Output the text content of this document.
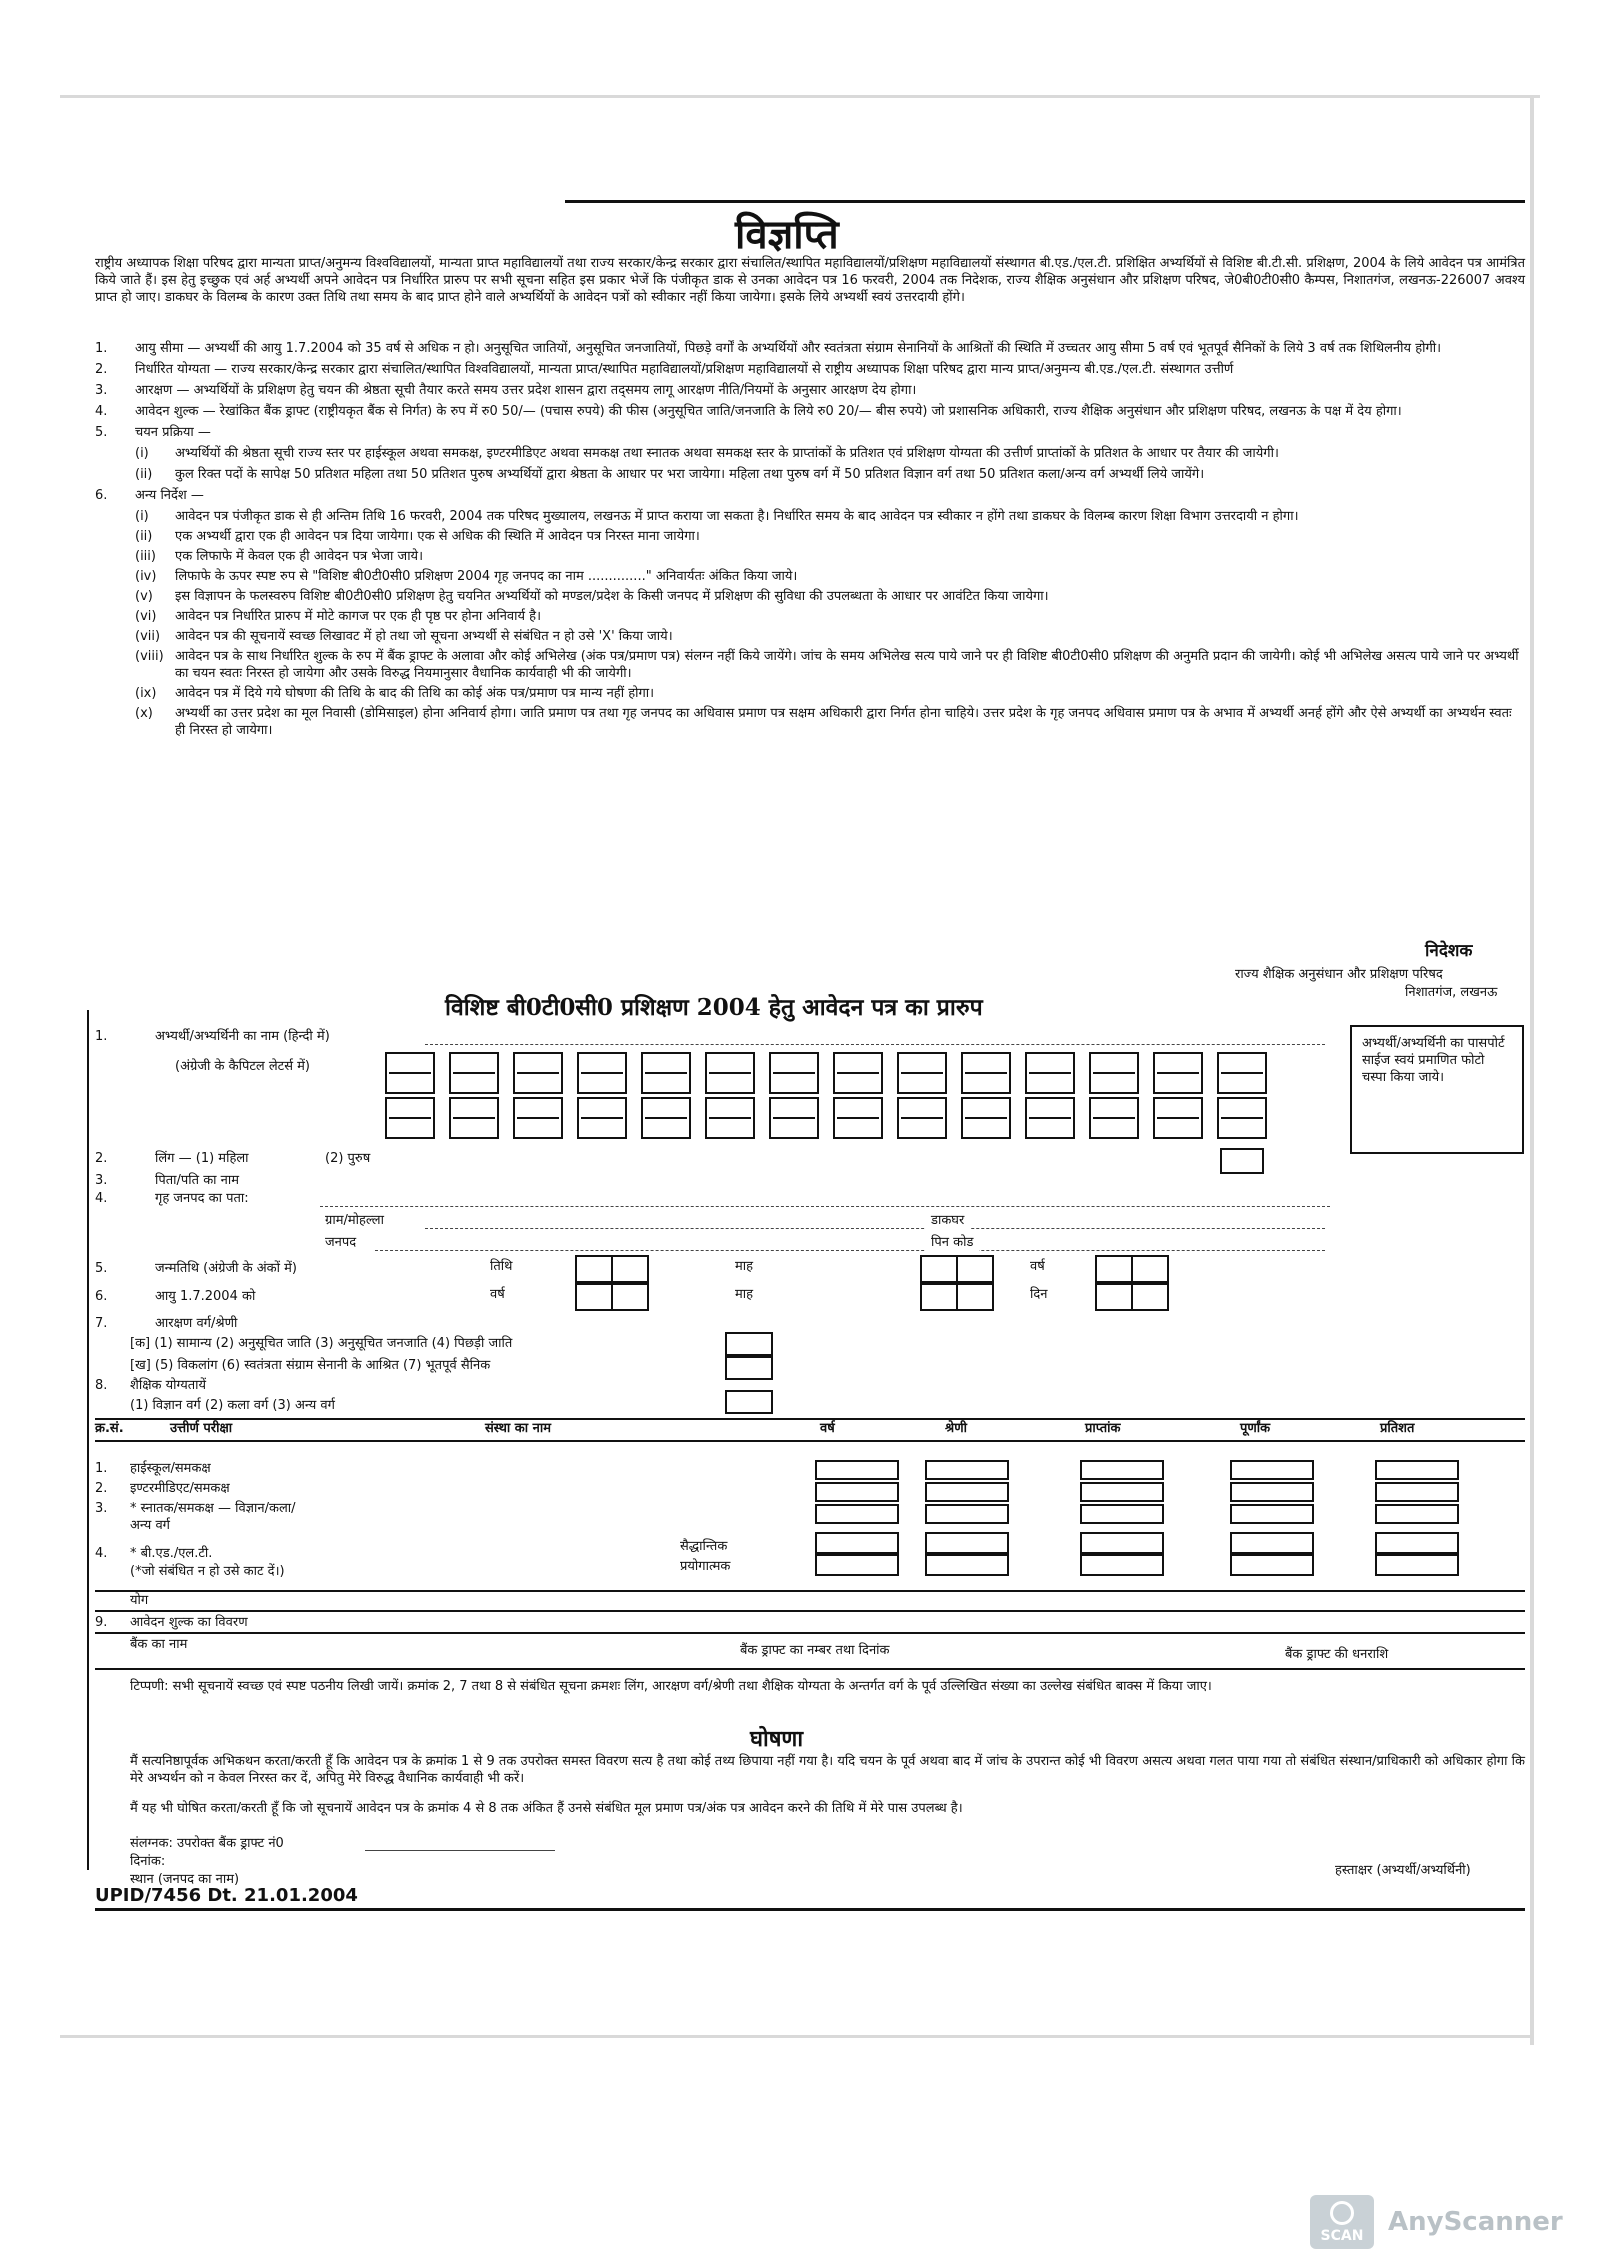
विज्ञप्ति
राष्ट्रीय अध्यापक शिक्षा परिषद द्वारा मान्यता प्राप्त/अनुमन्य विश्वविद्यालयों, मान्यता प्राप्त महाविद्यालयों तथा राज्य सरकार/केन्द्र सरकार द्वारा संचालित/स्थापित महाविद्यालयों/प्रशिक्षण महाविद्यालयों संस्थागत बी.एड./एल.टी. प्रशिक्षित अभ्यर्थियों से विशिष्ट बी.टी.सी. प्रशिक्षण, 2004 के लिये आवेदन पत्र आमंत्रित किये जाते हैं। इस हेतु इच्छुक एवं अर्ह अभ्यर्थी अपने आवेदन पत्र निर्धारित प्रारुप पर सभी सूचना सहित इस प्रकार भेजें कि पंजीकृत डाक से उनका आवेदन पत्र 16 फरवरी, 2004 तक निदेशक, राज्य शैक्षिक अनुसंधान और प्रशिक्षण परिषद, जे0बी0टी0सी0 कैम्पस, निशातगंज, लखनऊ-226007 अवश्य प्राप्त हो जाए। डाकघर के विलम्ब के कारण उक्त तिथि तथा समय के बाद प्राप्त होने वाले अभ्यर्थियों के आवेदन पत्रों को स्वीकार नहीं किया जायेगा। इसके लिये अभ्यर्थी स्वयं उत्तरदायी होंगे।
1.	आयु सीमा — अभ्यर्थी की आयु 1.7.2004 को 35 वर्ष से अधिक न हो। अनुसूचित जातियों, अनुसूचित जनजातियों, पिछड़े वर्गों के अभ्यर्थियों और स्वतंत्रता संग्राम सेनानियों के आश्रितों की स्थिति में उच्चतर आयु सीमा 5 वर्ष एवं भूतपूर्व सैनिकों के लिये 3 वर्ष तक शिथिलनीय होगी।
2.	निर्धारित योग्यता — राज्य सरकार/केन्द्र सरकार द्वारा संचालित/स्थापित विश्वविद्यालयों, मान्यता प्राप्त/स्थापित महाविद्यालयों/प्रशिक्षण महाविद्यालयों से राष्ट्रीय अध्यापक शिक्षा परिषद द्वारा मान्य प्राप्त/अनुमन्य बी.एड./एल.टी. संस्थागत उत्तीर्ण
3.	आरक्षण — अभ्यर्थियों के प्रशिक्षण हेतु चयन की श्रेष्ठता सूची तैयार करते समय उत्तर प्रदेश शासन द्वारा तद्‌समय लागू आरक्षण नीति/नियमों के अनुसार आरक्षण देय होगा।
4.	आवेदन शुल्क — रेखांकित बैंक ड्राफ्ट (राष्ट्रीयकृत बैंक से निर्गत) के रुप में रु0 50/— (पचास रुपये) की फीस (अनुसूचित जाति/जनजाति के लिये रु0 20/— बीस रुपये) जो प्रशासनिक अधिकारी, राज्य शैक्षिक अनुसंधान और प्रशिक्षण परिषद, लखनऊ के पक्ष में देय होगा।
5.	चयन प्रक्रिया —
(i)	अभ्यर्थियों की श्रेष्ठता सूची राज्य स्तर पर हाईस्कूल अथवा समकक्ष, इण्टरमीडिएट अथवा समकक्ष तथा स्नातक अथवा समकक्ष स्तर के प्राप्तांकों के प्रतिशत एवं प्रशिक्षण योग्यता की उत्तीर्ण प्राप्तांकों के प्रतिशत के आधार पर तैयार की जायेगी।
(ii)	कुल रिक्त पदों के सापेक्ष 50 प्रतिशत महिला तथा 50 प्रतिशत पुरुष अभ्यर्थियों द्वारा श्रेष्ठता के आधार पर भरा जायेगा। महिला तथा पुरुष वर्ग में 50 प्रतिशत विज्ञान वर्ग तथा 50 प्रतिशत कला/अन्य वर्ग अभ्यर्थी लिये जायेंगे।
6.	अन्य निर्देश —
(i)	आवेदन पत्र पंजीकृत डाक से ही अन्तिम तिथि 16 फरवरी, 2004 तक परिषद मुख्यालय, लखनऊ में प्राप्त कराया जा सकता है। निर्धारित समय के बाद आवेदन पत्र स्वीकार न होंगे तथा डाकघर के विलम्ब कारण शिक्षा विभाग उत्तरदायी न होगा।
(ii)	एक अभ्यर्थी द्वारा एक ही आवेदन पत्र दिया जायेगा। एक से अधिक की स्थिति में आवेदन पत्र निरस्त माना जायेगा।
(iii)	एक लिफाफे में केवल एक ही आवेदन पत्र भेजा जाये।
(iv)	लिफाफे के ऊपर स्पष्ट रुप से "विशिष्ट बी0टी0सी0 प्रशिक्षण 2004 गृह जनपद का नाम .............." अनिवार्यतः अंकित किया जाये।
(v)	इस विज्ञापन के फलस्वरुप विशिष्ट बी0टी0सी0 प्रशिक्षण हेतु चयनित अभ्यर्थियों को मण्डल/प्रदेश के किसी जनपद में प्रशिक्षण की सुविधा की उपलब्धता के आधार पर आवंटित किया जायेगा।
(vi)	आवेदन पत्र निर्धारित प्रारुप में मोटे कागज पर एक ही पृष्ठ पर होना अनिवार्य है।
(vii)	आवेदन पत्र की सूचनायें स्वच्छ लिखावट में हो तथा जो सूचना अभ्यर्थी से संबंधित न हो उसे 'X' किया जाये।
(viii) आवेदन पत्र के साथ निर्धारित शुल्क के रुप में बैंक ड्राफ्ट के अलावा और कोई अभिलेख (अंक पत्र/प्रमाण पत्र) संलग्न नहीं किये जायेंगे। जांच के समय अभिलेख सत्य पाये जाने पर ही विशिष्ट बी0टी0सी0 प्रशिक्षण की अनुमति प्रदान की जायेगी। कोई भी अभिलेख असत्य पाये जाने पर अभ्यर्थी का चयन स्वतः निरस्त हो जायेगा और उसके विरुद्ध नियमानुसार वैधानिक कार्यवाही भी की जायेगी।
(ix)	आवेदन पत्र में दिये गये घोषणा की तिथि के बाद की तिथि का कोई अंक पत्र/प्रमाण पत्र मान्य नहीं होगा।
(x)	अभ्यर्थी का उत्तर प्रदेश का मूल निवासी (डोमिसाइल) होना अनिवार्य होगा। जाति प्रमाण पत्र तथा गृह जनपद का अधिवास प्रमाण पत्र सक्षम अधिकारी द्वारा निर्गत होना चाहिये। उत्तर प्रदेश के गृह जनपद अधिवास प्रमाण पत्र के अभाव में अभ्यर्थी अनर्ह होंगे और ऐसे अभ्यर्थी का अभ्यर्थन स्वतः ही निरस्त हो जायेगा।
निदेशक
राज्य शैक्षिक अनुसंधान और प्रशिक्षण परिषद
निशातगंज, लखनऊ
विशिष्ट बी0टी0सी0 प्रशिक्षण 2004 हेतु आवेदन पत्र का प्रारुप
अभ्यर्थी/अभ्यर्थिनी का पासपोर्ट साईज स्वयं प्रमाणित फोटो चस्पा किया जाये।
1.	अभ्यर्थी/अभ्यर्थिनी का नाम (हिन्दी में)
(अंग्रेजी के कैपिटल लेटर्स में)
2.	लिंग — (1) महिला	(2) पुरुष
3.	पिता/पति का नाम
4.	गृह जनपद का पता:
ग्राम/मोहल्ला	डाकघर
जनपद	पिन कोड
5.	जन्मतिथि (अंग्रेजी के अंकों में)	तिथि	माह	वर्ष
6.	आयु 1.7.2004 को	वर्ष	माह	दिन
7.	आरक्षण वर्ग/श्रेणी
[क] (1) सामान्य (2) अनुसूचित जाति (3) अनुसूचित जनजाति (4) पिछड़ी जाति
[ख] (5) विकलांग (6) स्वतंत्रता संग्राम सेनानी के आश्रित (7) भूतपूर्व सैनिक
8. शैक्षिक योग्यतायें
(1) विज्ञान वर्ग (2) कला वर्ग (3) अन्य वर्ग
क्र.सं.	उत्तीर्ण परीक्षा	संस्था का नाम	वर्ष	श्रेणी	प्राप्तांक	पूर्णांक	प्रतिशत
1. हाईस्कूल/समकक्ष
2. इण्टरमीडिएट/समकक्ष
3. * स्नातक/समकक्ष — विज्ञान/कला/अन्य वर्ग
4. * बी.एड./एल.टी.
(*जो संबंधित न हो उसे काट दें।)
सैद्धान्तिक
प्रयोगात्मक
योग
9. आवेदन शुल्क का विवरण
बैंक का नाम	बैंक ड्राफ्ट का नम्बर तथा दिनांक	बैंक ड्राफ्ट की धनराशि
टिप्पणी: सभी सूचनायें स्वच्छ एवं स्पष्ट पठनीय लिखी जायें। क्रमांक 2, 7 तथा 8 से संबंधित सूचना क्रमशः लिंग, आरक्षण वर्ग/श्रेणी तथा शैक्षिक योग्यता के अन्तर्गत वर्ग के पूर्व उल्लिखित संख्या का उल्लेख संबंधित बाक्स में किया जाए।
घोषणा
मैं सत्यनिष्ठापूर्वक अभिकथन करता/करती हूँ कि आवेदन पत्र के क्रमांक 1 से 9 तक उपरोक्त समस्त विवरण सत्य है तथा कोई तथ्य छिपाया नहीं गया है। यदि चयन के पूर्व अथवा बाद में जांच के उपरान्त कोई भी विवरण असत्य अथवा गलत पाया गया तो संबंधित संस्थान/प्राधिकारी को अधिकार होगा कि मेरे अभ्यर्थन को न केवल निरस्त कर दें, अपितु मेरे विरुद्ध वैधानिक कार्यवाही भी करें।
मैं यह भी घोषित करता/करती हूँ कि जो सूचनायें आवेदन पत्र के क्रमांक 4 से 8 तक अंकित हैं उनसे संबंधित मूल प्रमाण पत्र/अंक पत्र आवेदन करने की तिथि में मेरे पास उपलब्ध है।
संलग्नक: उपरोक्त बैंक ड्राफ्ट नं0
दिनांक:
स्थान (जनपद का नाम)
हस्ताक्षर (अभ्यर्थी/अभ्यर्थिनी)
UPID/7456 Dt. 21.01.2004
SCAN AnyScanner
